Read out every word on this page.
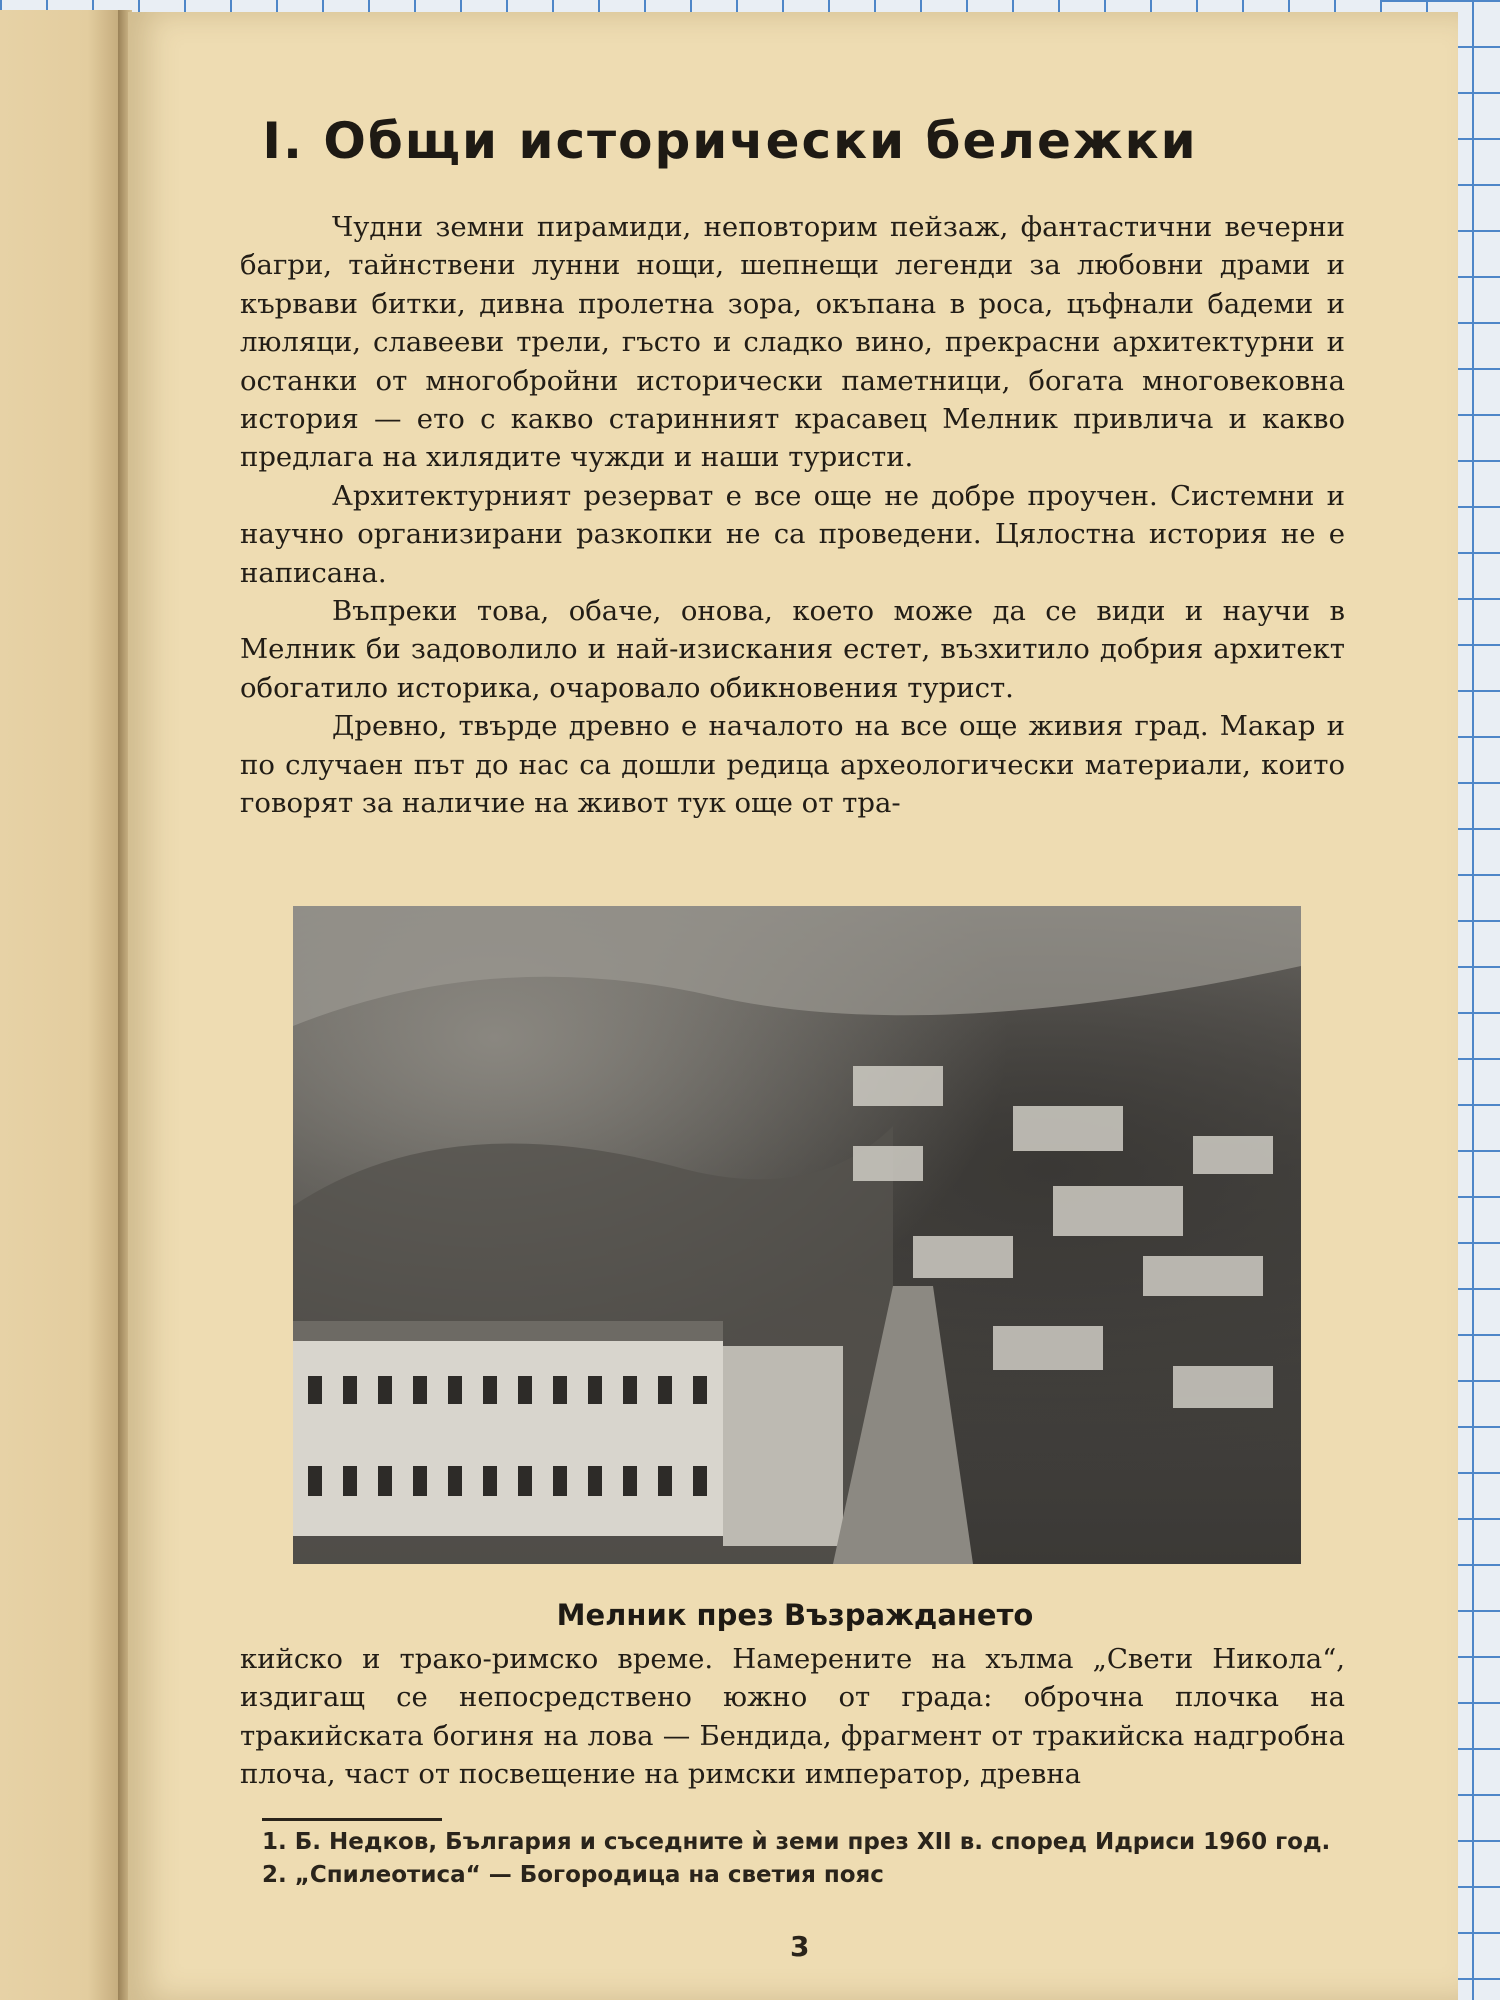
I. Общи исторически бележки

Чудни земни пирамиди, неповторим пейзаж, фантастични вечерни багри, тайнствени лунни нощи, шепнещи легенди за любовни драми и кървави битки, дивна пролетна зора, окъпана в роса, цъфнали бадеми и люляци, славееви трели, гъсто и сладко вино, прекрасни архитектурни и останки от многобройни исторически паметници, богата многовековна история — ето с какво старинният красавец Мелник привлича и какво предлага на хилядите чужди и наши туристи.

Архитектурният резерват е все още не добре проучен. Системни и научно организирани разкопки не са проведени. Цялостна история не е написана.

Въпреки това, обаче, онова, което може да се види и научи в Мелник би задоволило и най-изискания естет, възхитило добрия архитект обогатило историка, очаровало обикновения турист.

Древно, твърде древно е началото на все още живия град. Макар и по случаен път до нас са дошли редица археологически материали, които говорят за наличие на живот тук още от тра-

Мелник през Възраждането

кийско и трако-римско време. Намерените на хълма „Свети Никола“, издигащ се непосредствено южно от града: оброчна плочка на тракийската богиня на лова — Бендида, фрагмент от тракийска надгробна плоча, част от посвещение на римски император, древна

1. Б. Недков, България и съседните ѝ земи през XII в. според Идриси 1960 год.

2. „Спилеотиса“ — Богородица на светия пояс

3
